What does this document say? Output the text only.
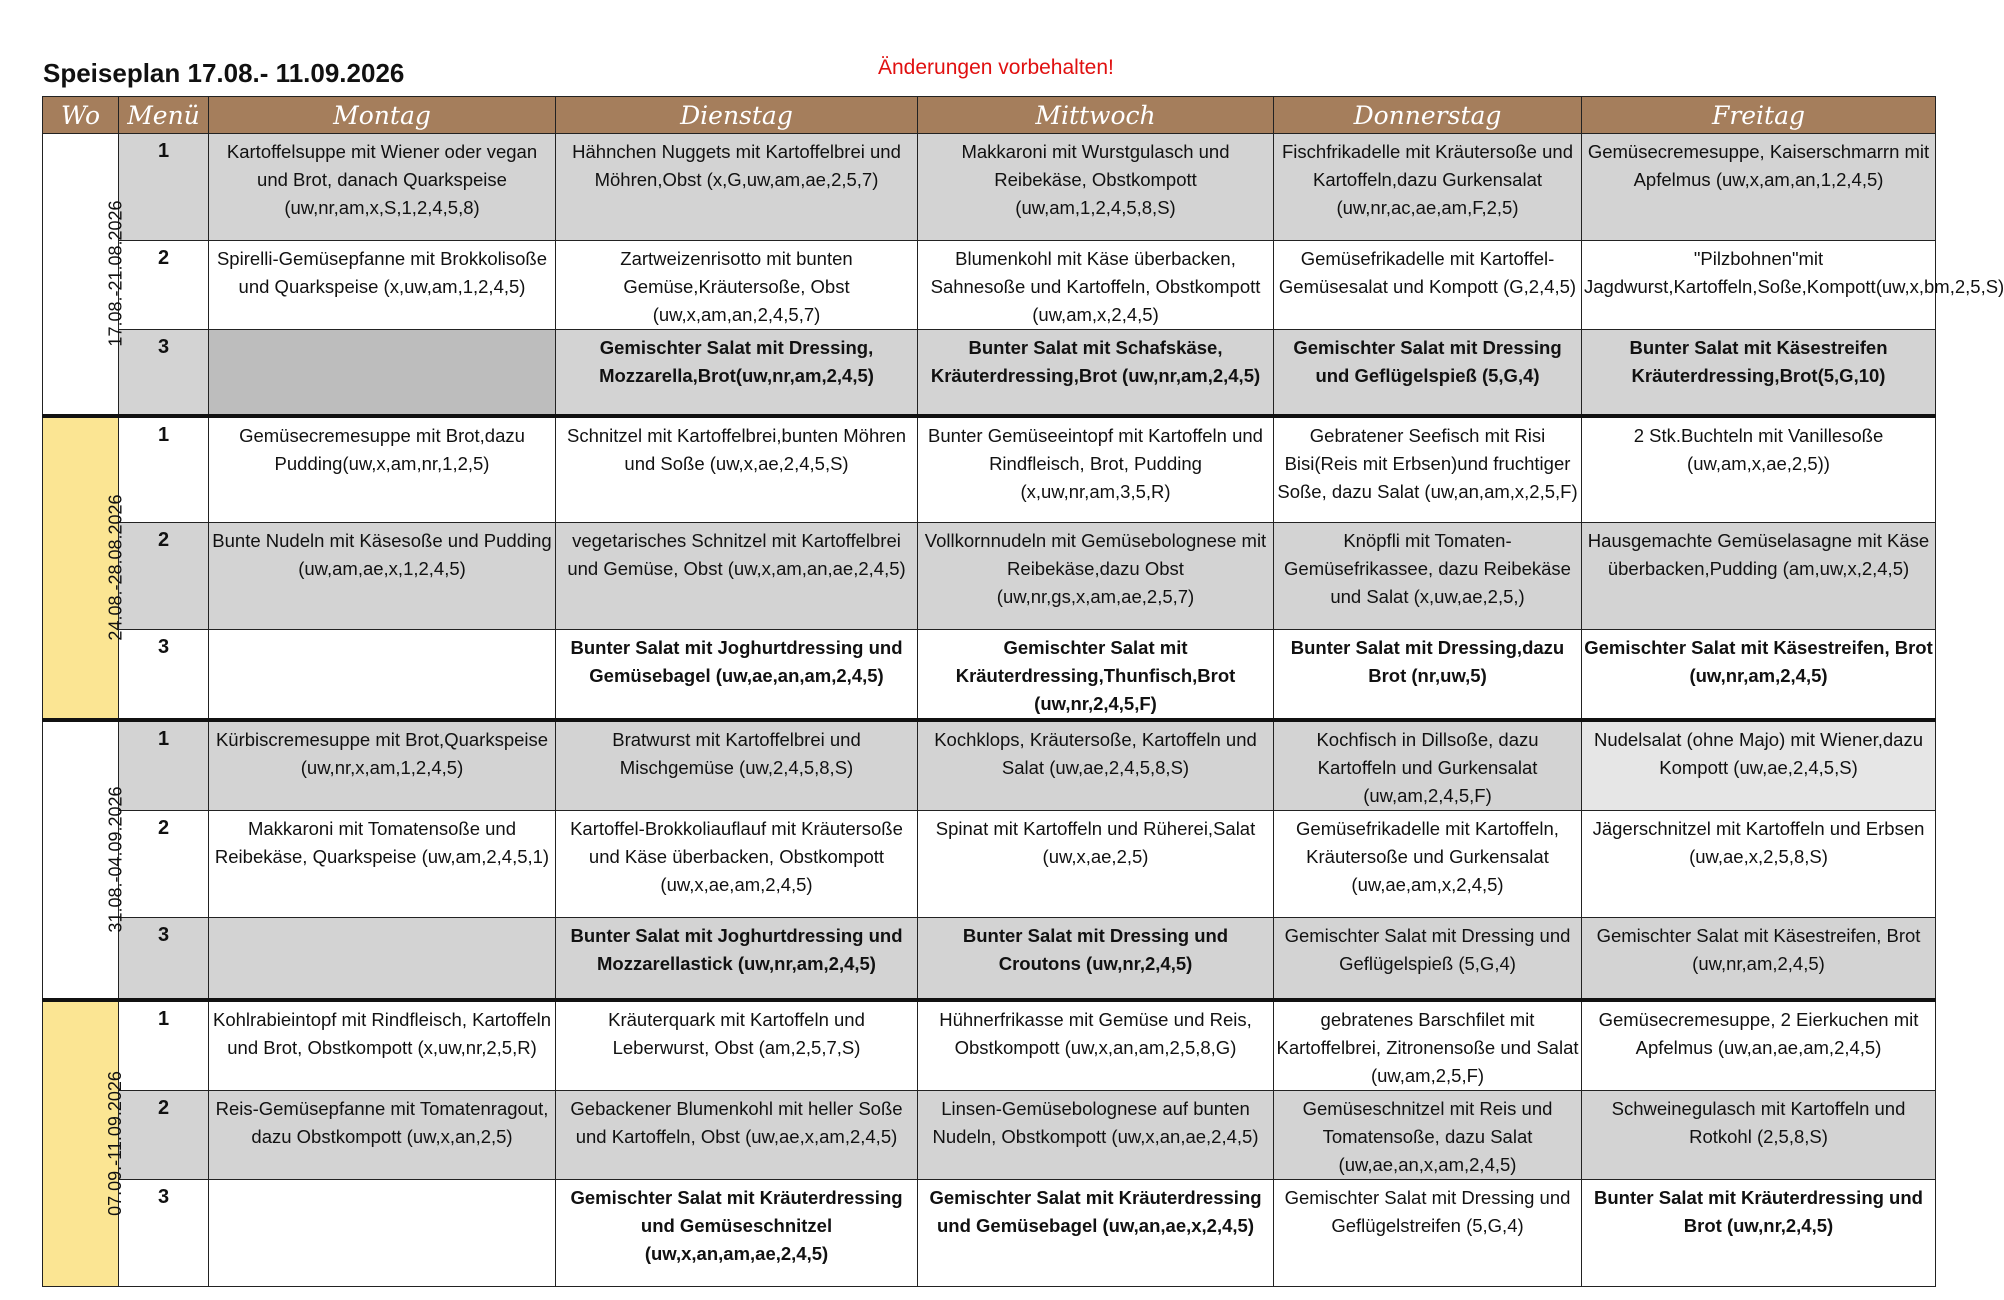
Speiseplan 17.08.- 11.09.2026	Änderungen vorbehalten!
Wo	Menü	Montag	Dienstag	Mittwoch	Donnerstag	Freitag
17.08.-21.08.2026	1	Kartoffelsuppe mit Wiener oder vegan und Brot, danach Quarkspeise (uw,nr,am,x,S,1,2,4,5,8)	Hähnchen Nuggets mit Kartoffelbrei und Möhren,Obst (x,G,uw,am,ae,2,5,7)	Makkaroni mit Wurstgulasch und Reibekäse, Obstkompott (uw,am,1,2,4,5,8,S)	Fischfrikadelle mit Kräutersoße und Kartoffeln,dazu Gurkensalat (uw,nr,ac,ae,am,F,2,5)	Gemüsecremesuppe, Kaiserschmarrn mit Apfelmus (uw,x,am,an,1,2,4,5)
	2	Spirelli-Gemüsepfanne mit Brokkolisoße und Quarkspeise (x,uw,am,1,2,4,5)	Zartweizenrisotto mit bunten Gemüse,Kräutersoße, Obst (uw,x,am,an,2,4,5,7)	Blumenkohl mit Käse überbacken, Sahnesoße und Kartoffeln, Obstkompott (uw,am,x,2,4,5)	Gemüsefrikadelle mit Kartoffel-Gemüsesalat und Kompott (G,2,4,5)	"Pilzbohnen"mit Jagdwurst,Kartoffeln,Soße,Kompott(uw,x,bm,2,5,S)
	3		Gemischter Salat mit Dressing, Mozzarella,Brot(uw,nr,am,2,4,5)	Bunter Salat mit Schafskäse, Kräuterdressing,Brot (uw,nr,am,2,4,5)	Gemischter Salat mit Dressing und Geflügelspieß (5,G,4)	Bunter Salat mit Käsestreifen Kräuterdressing,Brot(5,G,10)
24.08.-28.08.2026	1	Gemüsecremesuppe mit Brot,dazu Pudding(uw,x,am,nr,1,2,5)	Schnitzel mit Kartoffelbrei,bunten Möhren und Soße (uw,x,ae,2,4,5,S)	Bunter Gemüseeintopf mit Kartoffeln und Rindfleisch, Brot, Pudding (x,uw,nr,am,3,5,R)	Gebratener Seefisch mit Risi Bisi(Reis mit Erbsen)und fruchtiger Soße, dazu Salat (uw,an,am,x,2,5,F)	2 Stk.Buchteln mit Vanillesoße (uw,am,x,ae,2,5))
	2	Bunte Nudeln mit Käsesoße und Pudding (uw,am,ae,x,1,2,4,5)	vegetarisches Schnitzel mit Kartoffelbrei und Gemüse, Obst (uw,x,am,an,ae,2,4,5)	Vollkornnudeln mit Gemüsebolognese mit Reibekäse,dazu Obst (uw,nr,gs,x,am,ae,2,5,7)	Knöpfli mit Tomaten-Gemüsefrikassee, dazu Reibekäse und Salat (x,uw,ae,2,5,)	Hausgemachte Gemüselasagne mit Käse überbacken,Pudding (am,uw,x,2,4,5)
	3		Bunter Salat mit Joghurtdressing und Gemüsebagel (uw,ae,an,am,2,4,5)	Gemischter Salat mit Kräuterdressing,Thunfisch,Brot (uw,nr,2,4,5,F)	Bunter Salat mit Dressing,dazu Brot (nr,uw,5)	Gemischter Salat mit Käsestreifen, Brot (uw,nr,am,2,4,5)
31.08.-04.09.2026	1	Kürbiscremesuppe mit Brot,Quarkspeise (uw,nr,x,am,1,2,4,5)	Bratwurst mit Kartoffelbrei und Mischgemüse (uw,2,4,5,8,S)	Kochklops, Kräutersoße, Kartoffeln und Salat (uw,ae,2,4,5,8,S)	Kochfisch in Dillsoße, dazu Kartoffeln und Gurkensalat (uw,am,2,4,5,F)	Nudelsalat (ohne Majo) mit Wiener,dazu Kompott (uw,ae,2,4,5,S)
	2	Makkaroni mit Tomatensoße und Reibekäse, Quarkspeise (uw,am,2,4,5,1)	Kartoffel-Brokkoliauflauf mit Kräutersoße und Käse überbacken, Obstkompott (uw,x,ae,am,2,4,5)	Spinat mit Kartoffeln und Rüherei,Salat (uw,x,ae,2,5)	Gemüsefrikadelle mit Kartoffeln, Kräutersoße und Gurkensalat (uw,ae,am,x,2,4,5)	Jägerschnitzel mit Kartoffeln und Erbsen (uw,ae,x,2,5,8,S)
	3		Bunter Salat mit Joghurtdressing und Mozzarellastick (uw,nr,am,2,4,5)	Bunter Salat mit Dressing und Croutons (uw,nr,2,4,5)	Gemischter Salat mit Dressing und Geflügelspieß (5,G,4)	Gemischter Salat mit Käsestreifen, Brot (uw,nr,am,2,4,5)
07.09.-11.09.2026	1	Kohlrabieintopf mit Rindfleisch, Kartoffeln und Brot, Obstkompott (x,uw,nr,2,5,R)	Kräuterquark mit Kartoffeln und Leberwurst, Obst (am,2,5,7,S)	Hühnerfrikasse mit Gemüse und Reis, Obstkompott (uw,x,an,am,2,5,8,G)	gebratenes Barschfilet mit Kartoffelbrei, Zitronensoße und Salat (uw,am,2,5,F)	Gemüsecremesuppe, 2 Eierkuchen mit Apfelmus (uw,an,ae,am,2,4,5)
	2	Reis-Gemüsepfanne mit Tomatenragout, dazu Obstkompott (uw,x,an,2,5)	Gebackener Blumenkohl mit heller Soße und Kartoffeln, Obst (uw,ae,x,am,2,4,5)	Linsen-Gemüsebolognese auf bunten Nudeln, Obstkompott (uw,x,an,ae,2,4,5)	Gemüseschnitzel mit Reis und Tomatensoße, dazu Salat (uw,ae,an,x,am,2,4,5)	Schweinegulasch mit Kartoffeln und Rotkohl (2,5,8,S)
	3		Gemischter Salat mit Kräuterdressing und Gemüseschnitzel (uw,x,an,am,ae,2,4,5)	Gemischter Salat mit Kräuterdressing und Gemüsebagel (uw,an,ae,x,2,4,5)	Gemischter Salat mit Dressing und Geflügelstreifen (5,G,4)	Bunter Salat mit Kräuterdressing und Brot (uw,nr,2,4,5)
